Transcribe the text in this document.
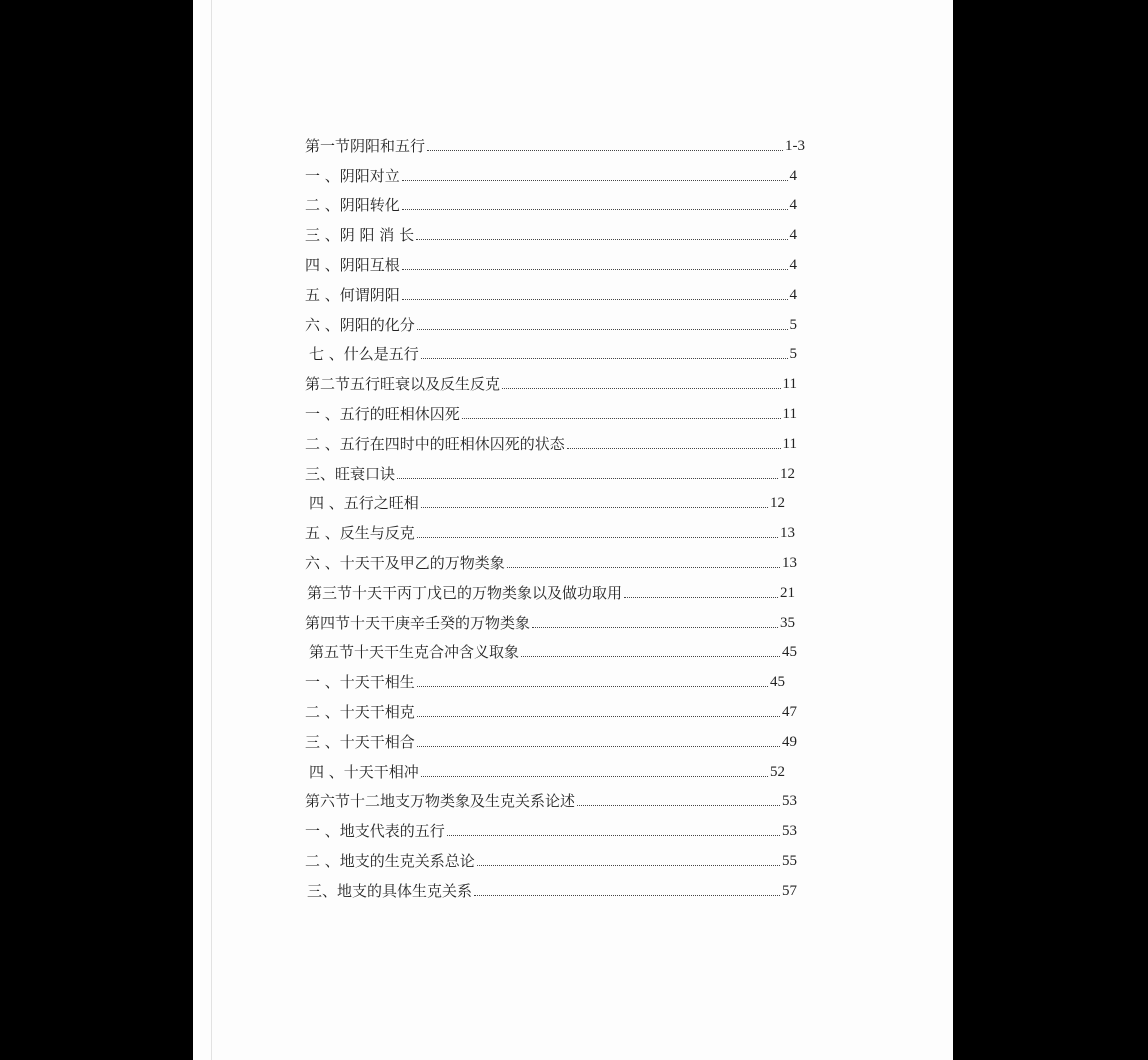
第一节阴阳和五行	1-3
一 、阴阳对立	4
二 、阴阳转化	4
三 、阴 阳 消 长	4
四 、阴阳互根	4
五 、何谓阴阳	4
六 、阴阳的化分	5
七 、什么是五行	5
第二节五行旺衰以及反生反克	11
一 、五行的旺相休囚死	11
二 、五行在四时中的旺相休囚死的状态	11
三、旺衰口诀	12
四 、五行之旺相	12
五 、反生与反克	13
六 、十天干及甲乙的万物类象	13
第三节十天干丙丁戊已的万物类象以及做功取用	21
第四节十天干庚辛壬癸的万物类象	35
第五节十天干生克合冲含义取象	45
一 、十天干相生	45
二 、十天干相克	47
三 、十天干相合	49
四 、十天干相冲	52
第六节十二地支万物类象及生克关系论述	53
一 、地支代表的五行	53
二 、地支的生克关系总论	55
三、地支的具体生克关系	57
